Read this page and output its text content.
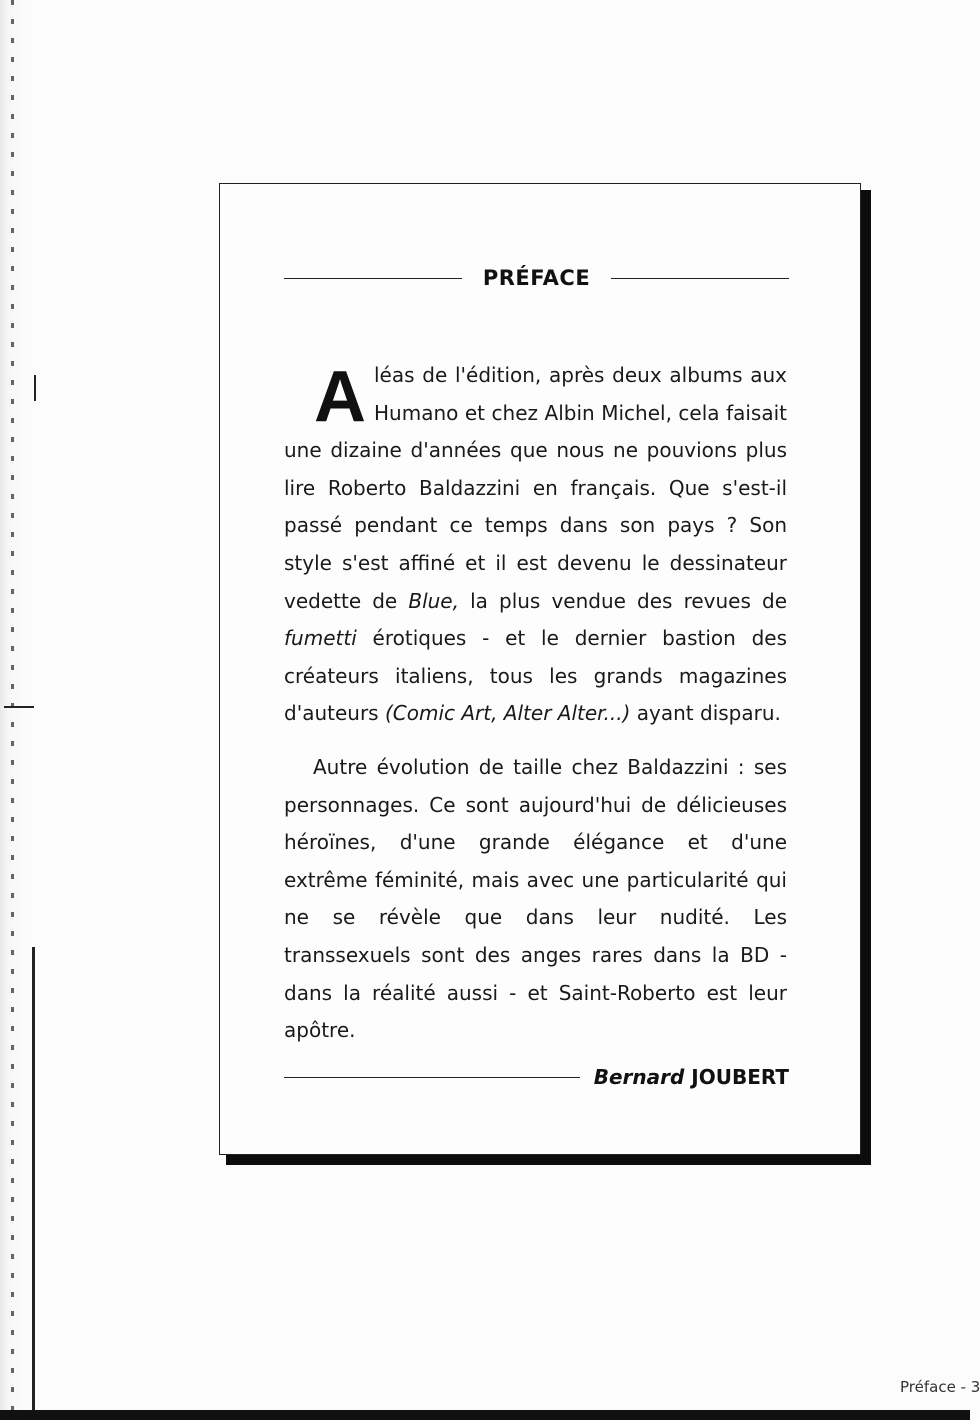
PRÉFACE

Aléas de l'édition, après deux albums aux Humano et chez Albin Michel, cela faisait une dizaine d'années que nous ne pouvions plus lire Roberto Baldazzini en français. Que s'est-il passé pendant ce temps dans son pays ? Son style s'est affiné et il est devenu le dessinateur vedette de Blue, la plus vendue des revues de fumetti érotiques - et le dernier bastion des créateurs italiens, tous les grands magazines d'auteurs (Comic Art, Alter Alter...) ayant disparu.

Autre évolution de taille chez Baldazzini : ses personnages. Ce sont aujourd'hui de délicieuses héroïnes, d'une grande élégance et d'une extrême féminité, mais avec une particularité qui ne se révèle que dans leur nudité. Les transsexuels sont des anges rares dans la BD - dans la réalité aussi - et Saint-Roberto est leur apôtre.

Bernard JOUBERT
Préface - 3
